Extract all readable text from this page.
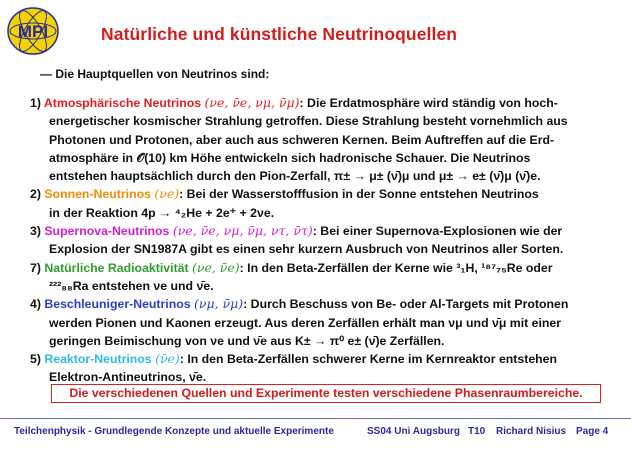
MPI	Natürliche und künstliche Neutrinoquellen
— Die Hauptquellen von Neutrinos sind:
1) Atmosphärische Neutrinos (νe, ν̄e, νμ, ν̄μ): Die Erdatmosphäre wird ständig von hoch-
energetischer kosmischer Strahlung getroffen. Diese Strahlung besteht vornehmlich aus
Photonen und Protonen, aber auch aus schweren Kernen. Beim Auftreffen auf die Erd-
atmosphäre in 𝒪(10) km Höhe entwickeln sich hadronische Schauer. Die Neutrinos
entstehen hauptsächlich durch den Pion-Zerfall, π± → μ± (ν̄)μ und μ± → e± (ν̄)μ (ν̄)e.
2) Sonnen-Neutrinos (νe): Bei der Wasserstofffusion in der Sonne entstehen Neutrinos
in der Reaktion 4p → ⁴₂He + 2e⁺ + 2νe.
3) Supernova-Neutrinos (νe, ν̄e, νμ, ν̄μ, ντ, ν̄τ): Bei einer Supernova-Explosionen wie der
Explosion der SN1987A gibt es einen sehr kurzern Ausbruch von Neutrinos aller Sorten.
7) Natürliche Radioaktivität (νe, ν̄e): In den Beta-Zerfällen der Kerne wie ³₁H, ¹⁸⁷₇₅Re oder
²²²₈₈Ra entstehen νe und ν̄e.
4) Beschleuniger-Neutrinos (νμ, ν̄μ): Durch Beschuss von Be- oder Al-Targets mit Protonen
werden Pionen und Kaonen erzeugt. Aus deren Zerfällen erhält man νμ und ν̄μ mit einer
geringen Beimischung von νe und ν̄e aus K± → π⁰ e± (ν̄)e Zerfällen.
5) Reaktor-Neutrinos (ν̄e): In den Beta-Zerfällen schwerer Kerne im Kernreaktor entstehen
Elektron-Antineutrinos, ν̄e.
Die verschiedenen Quellen und Experimente testen verschiedene Phasenraumbereiche.
Teilchenphysik - Grundlegende Konzepte und aktuelle Experimente	SS04 Uni Augsburg T10 Richard Nisius Page 4
